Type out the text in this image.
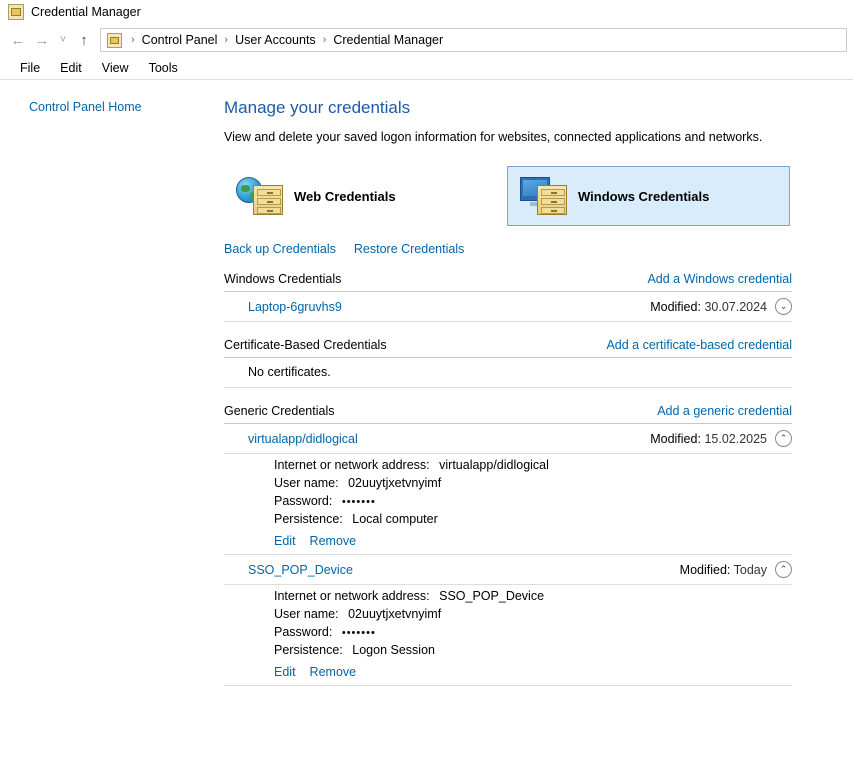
Credential Manager
← → ˅ ↑	› Control Panel › User Accounts › Credential Manager
File	Edit	View	Tools
Control Panel Home	Manage your credentials
View and delete your saved logon information for websites, connected applications and networks.
Web Credentials	Windows Credentials
Back up Credentials Restore Credentials
Windows Credentials	Add a Windows credential
Laptop-6gruvhs9	Modified: 30.07.2024	⌄
Certificate-Based Credentials	Add a certificate-based credential
No certificates.
Generic Credentials	Add a generic credential
virtualapp/didlogical	Modified: 15.02.2025	⌃
Internet or network address: virtualapp/didlogical
User name: 02uuytjxetvnyimf
Password: •••••••
Persistence: Local computer
Edit Remove
SSO_POP_Device	Modified: Today	⌃
Internet or network address: SSO_POP_Device
User name: 02uuytjxetvnyimf
Password: •••••••
Persistence: Logon Session
Edit Remove
